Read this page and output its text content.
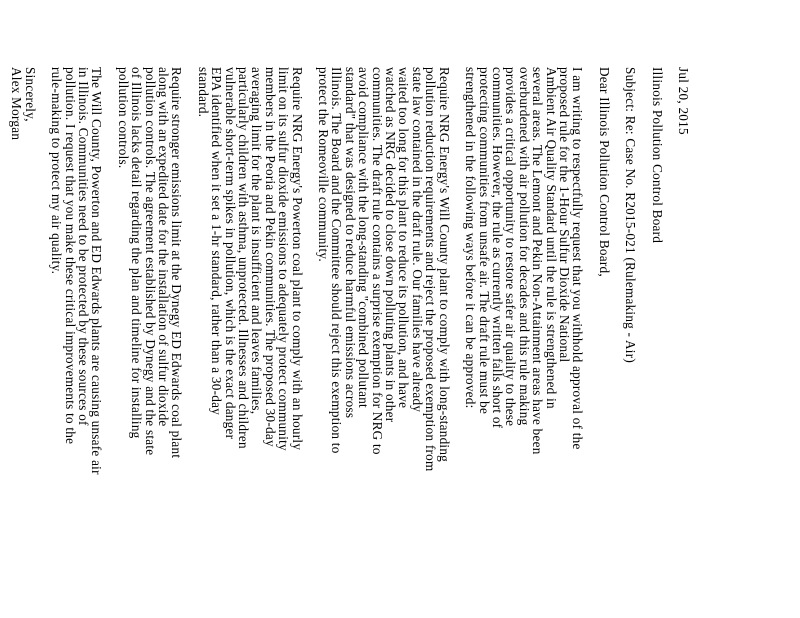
Jul 20, 2015
Illinois Pollution Control Board
Subject: Re: Case No. R2015-021 (Rulemaking - Air)
Dear Illinois Pollution Control Board,

I am writing to respectfully request that you withhold approval of the
proposed rule for the 1-Hour Sulfur Dioxide National
Ambient Air Quality Standard until the rule is strengthened in
several areas. The Lemont and Pekin Non-Attainment areas have been
overburdened with air pollution for decades and this rule making
provides a critical opportunity to restore safer air quality to these
communities. However, the rule as currently written falls short of
protecting communities from unsafe air. The draft rule must be
strengthened in the following ways before it can be approved:

Require NRG Energy's Will County plant to comply with long-standing
pollution reduction requirements and reject the proposed exemption from
state law contained in the draft rule. Our families have already
waited too long for this plant to reduce its pollution, and have
watched as NRG decided to close down polluting plants in other
communities. The draft rule contains a surprise exemption for NRG to
avoid compliance with the long-standing "combined pollutant
standard" that was designed to reduce harmful emissions across
Illinois. The Board and the Committee should reject this exemption to
protect the Romeoville community.

Require NRG Energy's Powerton coal plant to comply with an hourly
limit on its sulfur dioxide emissions to adequately protect community
members in the Peoria and Pekin communities. The proposed 30-day
averaging limit for the plant is insufficient and leaves families,
particularly children with asthma, unprotected. Illnesses and children
vulnerable short-term spikes in pollution, which is the exact danger
EPA identified when it set a 1-hr standard, rather than a 30-day
standard.

Require stronger emissions limit at the Dynegy ED Edwards coal plant
along with an expedited date for the installation of sulfur dioxide
pollution controls. The agreement established by Dynegy and the state
of Illinois lacks detail regarding the plan and timeline for installing
pollution controls.

The Will County, Powerton and ED Edwards plants are causing unsafe air
in Illinois. Communities need to be protected by these sources of
pollution. I request that you make these critical improvements to the
rule-making to protect my air quality.

Sincerely,
Alex Morgan
